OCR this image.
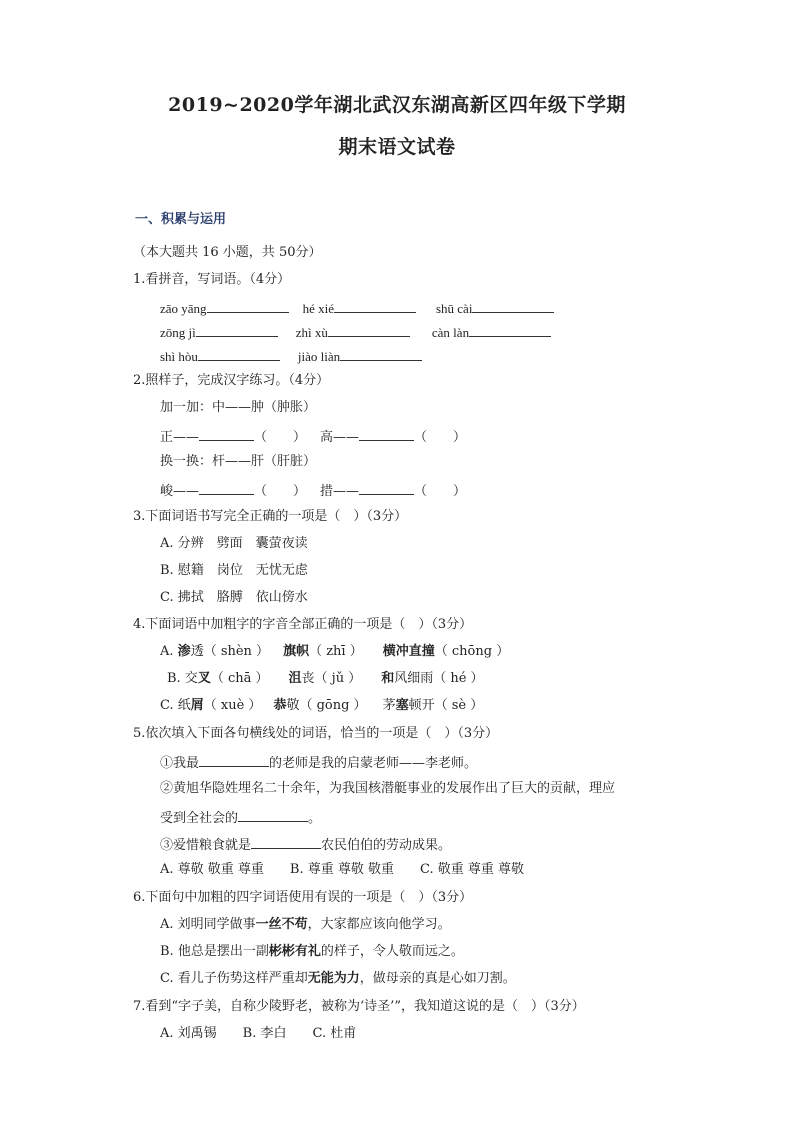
2019~2020学年湖北武汉东湖高新区四年级下学期
期末语文试卷
一、积累与运用
（本大题共 16 小题，共 50分）
1.看拼音，写词语。（4分）
zāo yāng	hé xié	shū cài
zōng jì	zhì xù	càn làn
shì hòu	jiào liàn
2.照样子，完成汉字练习。（4分）
加一加：中——肿（肿胀）
正——	（　　） 高——	（　　）
换一换：杆——肝（肝脏）
峻——	（　　） 措——	（　　）
3.下面词语书写完全正确的一项是（　）（3分）
A. 分辨　劈面　囊萤夜读
B. 慰籍　岗位　无忧无虑
C. 拂拭　胳膊　依山傍水
4.下面词语中加粗字的字音全部正确的一项是（　）（3分）
A. 渗透（ shèn ） 旗帜（ zhī ） 横冲直撞（ chōng ）
B. 交叉（ chā ） 沮丧（ jǔ ） 和风细雨（ hé ）
C. 纸屑（ xuè ） 恭敬（ gōng ） 茅塞顿开（ sè ）
5.依次填入下面各句横线处的词语，恰当的一项是（　）（3分）
①我最	的老师是我的启蒙老师——李老师。
②黄旭华隐姓埋名二十余年，为我国核潜艇事业的发展作出了巨大的贡献，理应
受到全社会的	。
③爱惜粮食就是	农民伯伯的劳动成果。
A. 尊敬 敬重 尊重　　B. 尊重 尊敬 敬重　　C. 敬重 尊重 尊敬
6.下面句中加粗的四字词语使用有误的一项是（　）（3分）
A. 刘明同学做事一丝不苟，大家都应该向他学习。
B. 他总是摆出一副彬彬有礼的样子，令人敬而远之。
C. 看儿子伤势这样严重却无能为力，做母亲的真是心如刀割。
7.看到“字子美，自称少陵野老，被称为‘诗圣’”，我知道这说的是（　）（3分）
A. 刘禹锡　　B. 李白　　C. 杜甫
